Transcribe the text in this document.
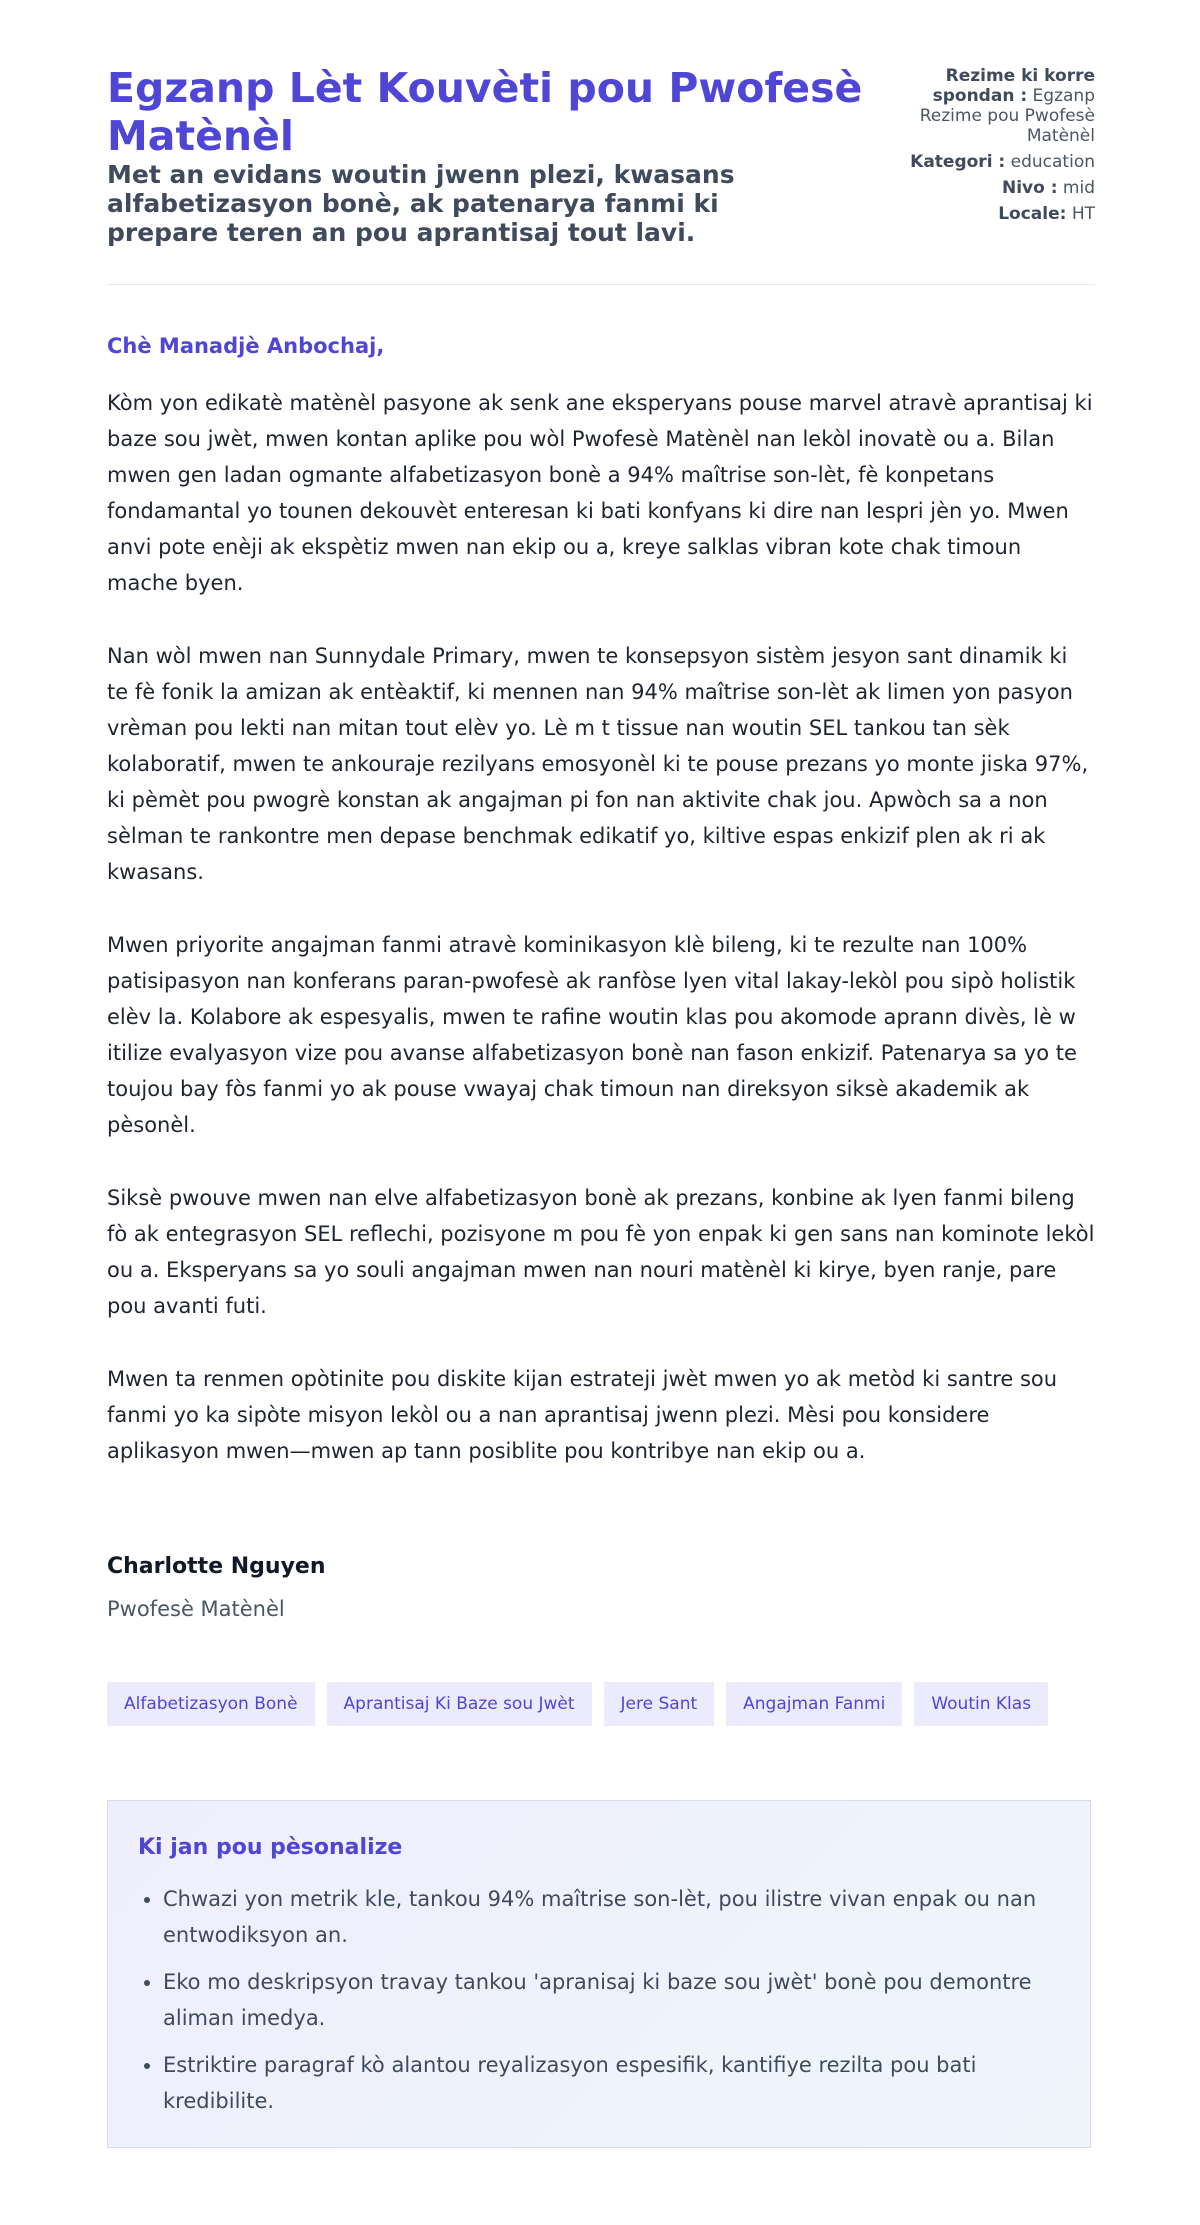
Egzanp Lèt Kouvèti pou Pwofesè Matènèl
Met an evidans woutin jwenn plezi, kwasans alfabetizasyon bonè, ak patenarya fanmi ki prepare teren an pou aprantisaj tout lavi.
Rezime ki korre spondan : Egzanp Rezime pou Pwofesè Matènèl
Kategori : education
Nivo : mid
Locale: HT

Chè Manadjè Anbochaj,

Kòm yon edikatè matènèl pasyone ak senk ane eksperyans pouse marvel atravè aprantisaj ki baze sou jwèt, mwen kontan aplike pou wòl Pwofesè Matènèl nan lekòl inovatè ou a. Bilan mwen gen ladan ogmante alfabetizasyon bonè a 94% maîtrise son-lèt, fè konpetans fondamantal yo tounen dekouvèt enteresan ki bati konfyans ki dire nan lespri jèn yo. Mwen anvi pote enèji ak ekspètiz mwen nan ekip ou a, kreye salklas vibran kote chak timoun mache byen.

Nan wòl mwen nan Sunnydale Primary, mwen te konsepsyon sistèm jesyon sant dinamik ki te fè fonik la amizan ak entèaktif, ki mennen nan 94% maîtrise son-lèt ak limen yon pasyon vrèman pou lekti nan mitan tout elèv yo. Lè m t tissue nan woutin SEL tankou tan sèk kolaboratif, mwen te ankouraje rezilyans emosyonèl ki te pouse prezans yo monte jiska 97%, ki pèmèt pou pwogrè konstan ak angajman pi fon nan aktivite chak jou. Apwòch sa a non sèlman te rankontre men depase benchmak edikatif yo, kiltive espas enkizif plen ak ri ak kwasans.

Mwen priyorite angajman fanmi atravè kominikasyon klè bileng, ki te rezulte nan 100% patisipasyon nan konferans paran-pwofesè ak ranfòse lyen vital lakay-lekòl pou sipò holistik elèv la. Kolabore ak espesyalis, mwen te rafine woutin klas pou akomode aprann divès, lè w itilize evalyasyon vize pou avanse alfabetizasyon bonè nan fason enkizif. Patenarya sa yo te toujou bay fòs fanmi yo ak pouse vwayaj chak timoun nan direksyon siksè akademik ak pèsonèl.

Siksè pwouve mwen nan elve alfabetizasyon bonè ak prezans, konbine ak lyen fanmi bileng fò ak entegrasyon SEL reflechi, pozisyone m pou fè yon enpak ki gen sans nan kominote lekòl ou a. Eksperyans sa yo souli angajman mwen nan nouri matènèl ki kirye, byen ranje, pare pou avanti futi.

Mwen ta renmen opòtinite pou diskite kijan estrateji jwèt mwen yo ak metòd ki santre sou fanmi yo ka sipòte misyon lekòl ou a nan aprantisaj jwenn plezi. Mèsi pou konsidere aplikasyon mwen—mwen ap tann posiblite pou kontribye nan ekip ou a.

Charlotte Nguyen

Pwofesè Matènèl

Alfabetizasyon Bonè	Aprantisaj Ki Baze sou Jwèt	Jere Sant	Angajman Fanmi	Woutin Klas
Ki jan pou pèsonalize
• Chwazi yon metrik kle, tankou 94% maîtrise son-lèt, pou ilistre vivan enpak ou nan entwodiksyon an.
• Eko mo deskripsyon travay tankou 'apranisaj ki baze sou jwèt' bonè pou demontre aliman imedya.
• Estriktire paragraf kò alantou reyalizasyon espesifik, kantifiye rezilta pou bati kredibilite.
